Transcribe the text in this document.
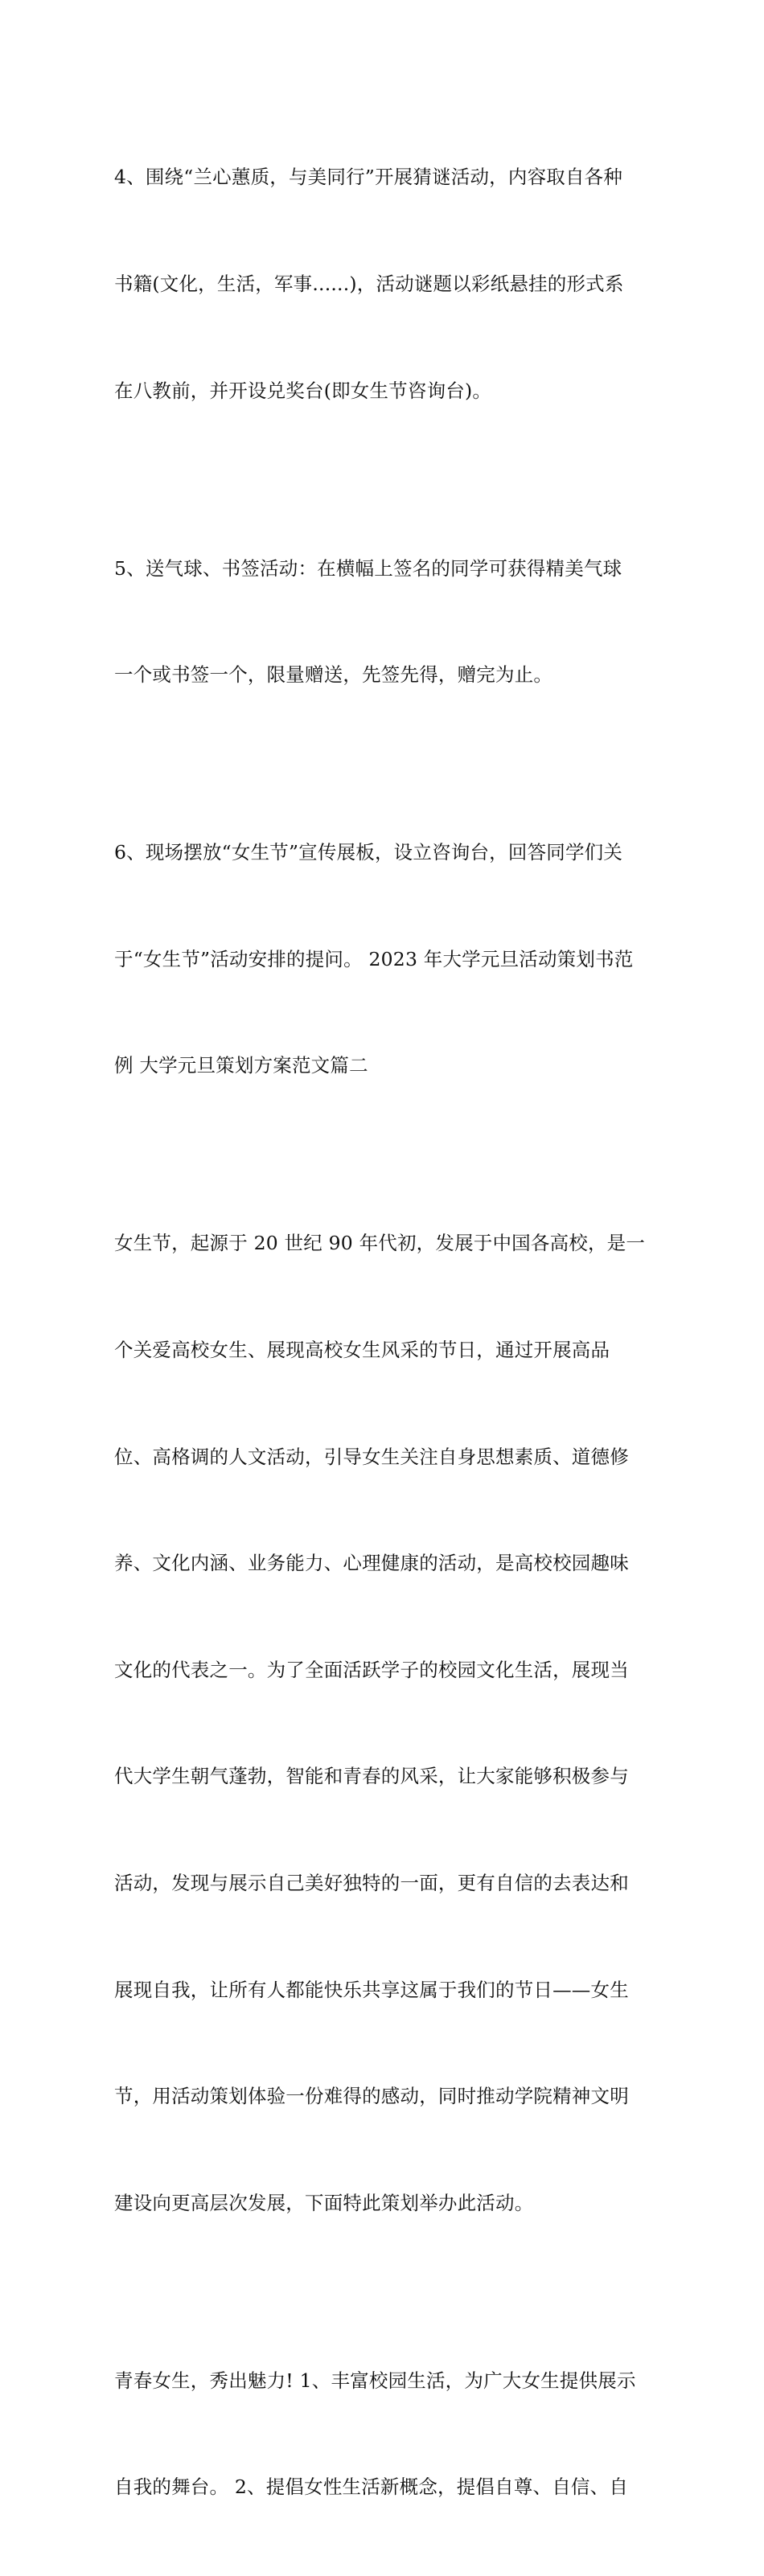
4、围绕“兰心蕙质，与美同行”开展猜谜活动，内容取自各种

书籍(文化，生活，军事......)，活动谜题以彩纸悬挂的形式系

在八教前，并开设兑奖台(即女生节咨询台)。

5、送气球、书签活动：在横幅上签名的同学可获得精美气球

一个或书签一个，限量赠送，先签先得，赠完为止。

6、现场摆放“女生节”宣传展板，设立咨询台，回答同学们关

于“女生节”活动安排的提问。 2023 年大学元旦活动策划书范

例 大学元旦策划方案范文篇二

女生节，起源于 20 世纪 90 年代初，发展于中国各高校，是一

个关爱高校女生、展现高校女生风采的节日，通过开展高品

位、高格调的人文活动，引导女生关注自身思想素质、道德修

养、文化内涵、业务能力、心理健康的活动，是高校校园趣味

文化的代表之一。为了全面活跃学子的校园文化生活，展现当

代大学生朝气蓬勃，智能和青春的风采，让大家能够积极参与

活动，发现与展示自己美好独特的一面，更有自信的去表达和

展现自我，让所有人都能快乐共享这属于我们的节日——女生

节，用活动策划体验一份难得的感动，同时推动学院精神文明

建设向更高层次发展，下面特此策划举办此活动。

青春女生，秀出魅力! 1、丰富校园生活，为广大女生提供展示

自我的舞台。 2、提倡女性生活新概念，提倡自尊、自信、自
